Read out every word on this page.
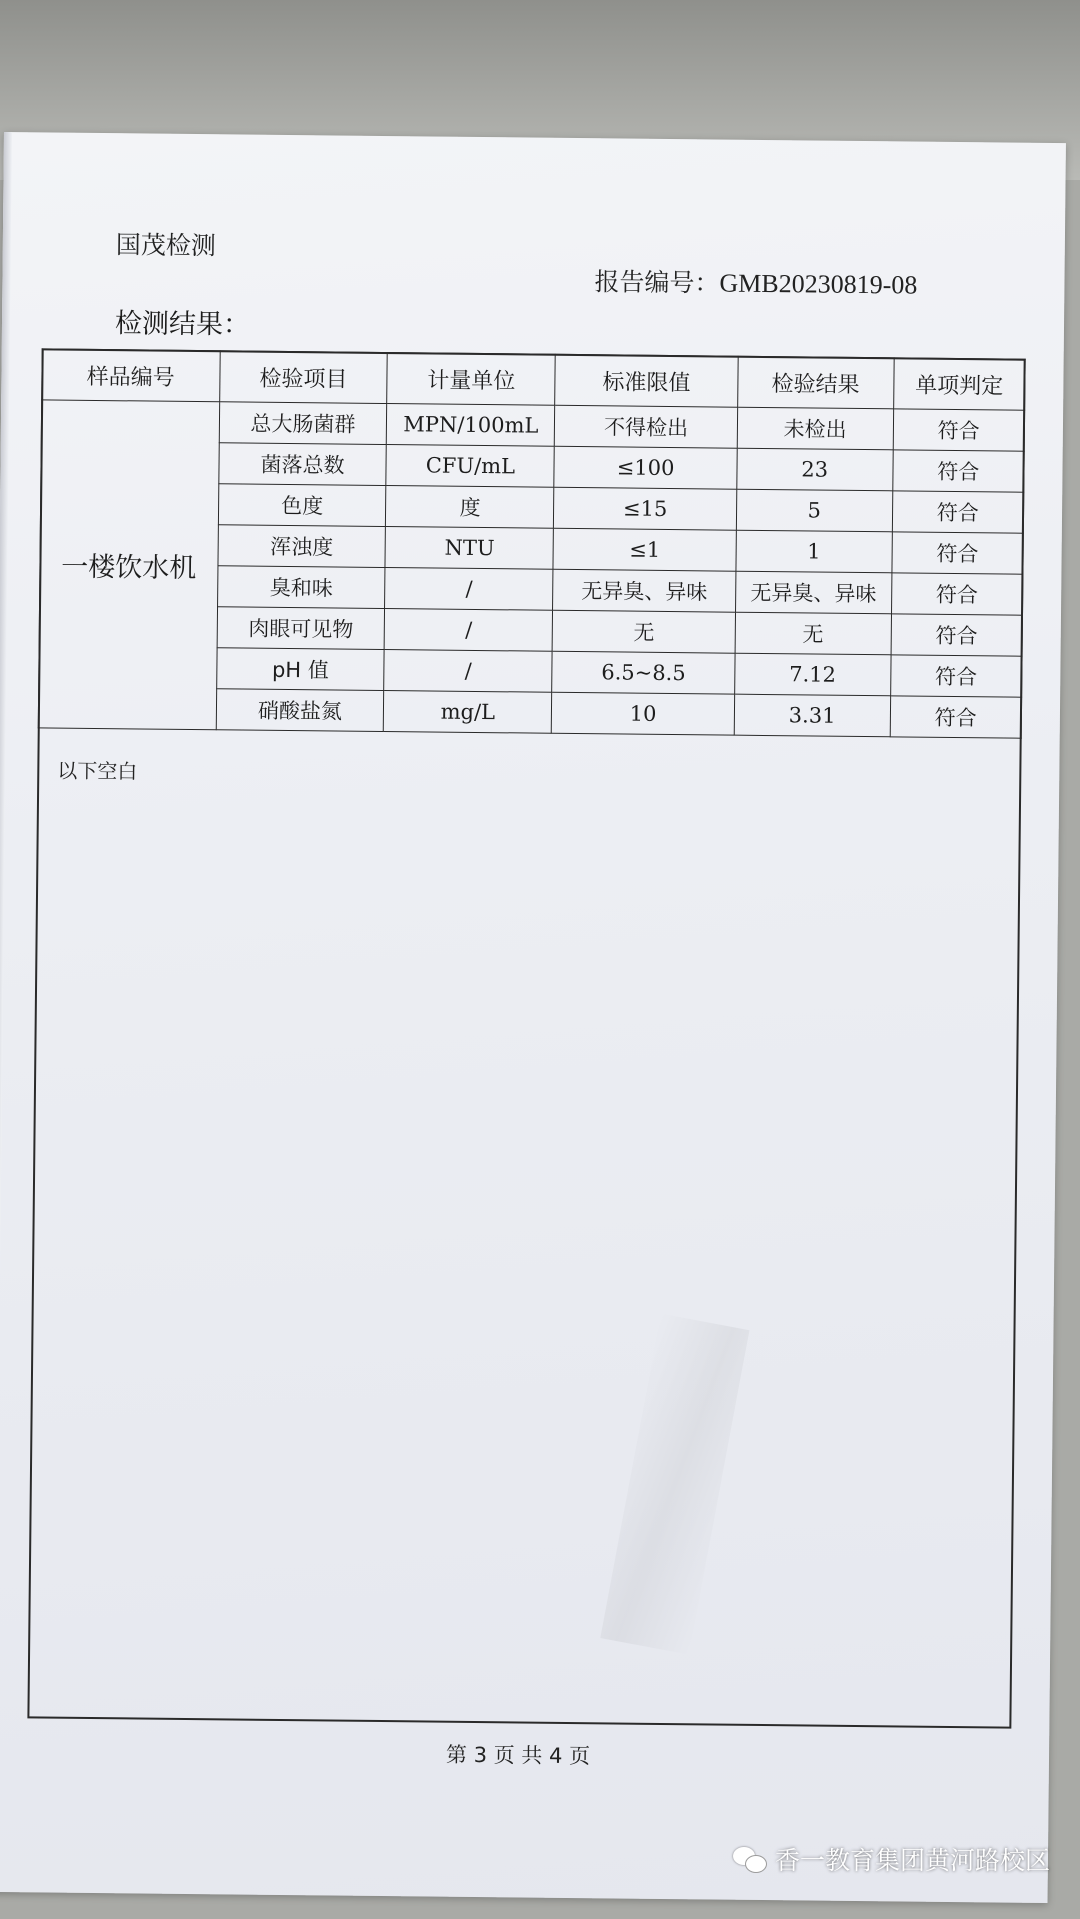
国茂检测
报告编号：GMB20230819-08
检测结果：
样品编号	检验项目	计量单位	标准限值	检验结果	单项判定
一楼饮水机	总大肠菌群	MPN/100mL	不得检出	未检出	符合
	菌落总数	CFU/mL	≤100	23	符合
	色度	度	≤15	5	符合
	浑浊度	NTU	≤1	1	符合
	臭和味	/	无异臭、异味	无异臭、异味	符合
	肉眼可见物	/	无	无	符合
	pH 值	/	6.5~8.5	7.12	符合
	硝酸盐氮	mg/L	10	3.31	符合
以下空白
第 3 页 共 4 页
香一教育集团黄河路校区
